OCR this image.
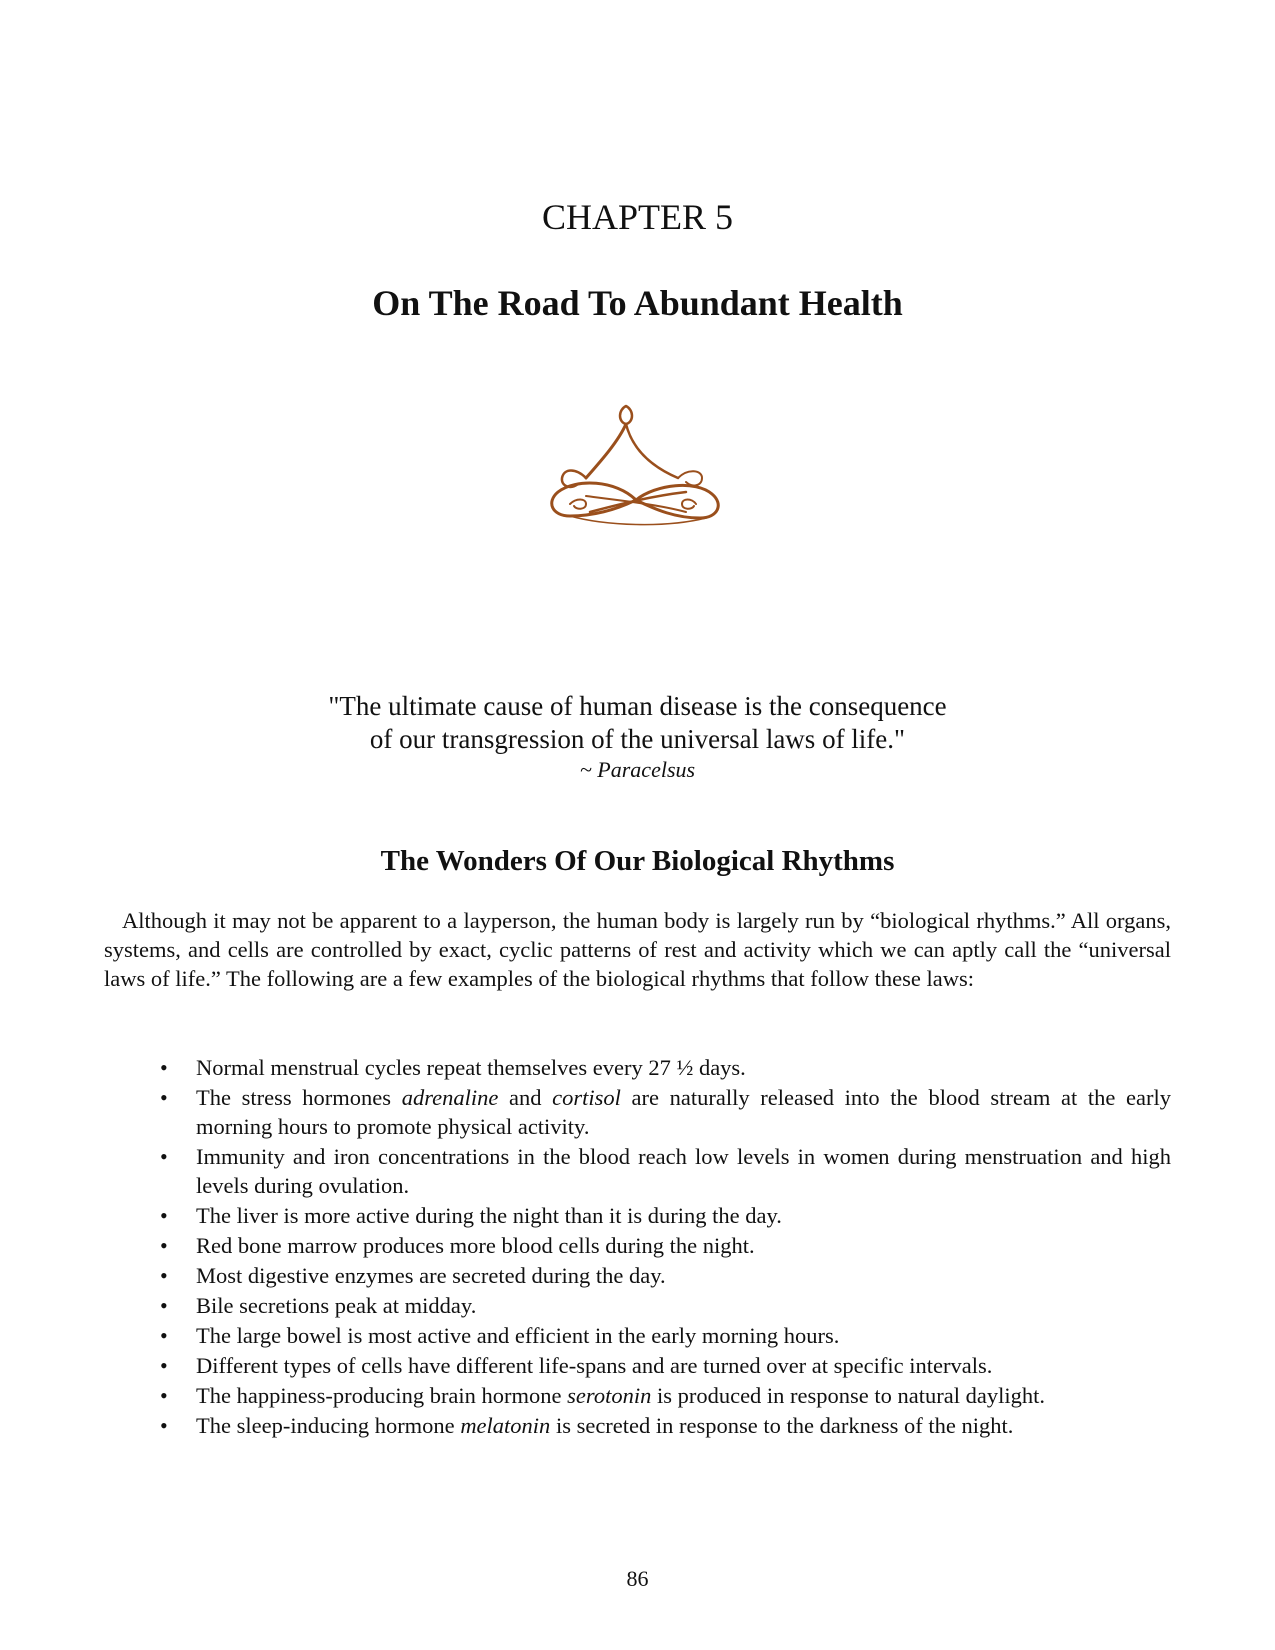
CHAPTER 5
On The Road To Abundant Health
"The ultimate cause of human disease is the consequence
of our transgression of the universal laws of life."
~ Paracelsus
The Wonders Of Our Biological Rhythms

Although it may not be apparent to a layperson, the human body is largely run by “biological rhythms.” All organs, systems, and cells are controlled by exact, cyclic patterns of rest and activity which we can aptly call the “universal laws of life.” The following are a few examples of the biological rhythms that follow these laws:

• Normal menstrual cycles repeat themselves every 27 ½ days.
• The stress hormones adrenaline and cortisol are naturally released into the blood stream at the early morning hours to promote physical activity.
• Immunity and iron concentrations in the blood reach low levels in women during menstruation and high levels during ovulation.
• The liver is more active during the night than it is during the day.
• Red bone marrow produces more blood cells during the night.
• Most digestive enzymes are secreted during the day.
• Bile secretions peak at midday.
• The large bowel is most active and efficient in the early morning hours.
• Different types of cells have different life-spans and are turned over at specific intervals.
• The happiness-producing brain hormone serotonin is produced in response to natural daylight.
• The sleep-inducing hormone melatonin is secreted in response to the darkness of the night.

86
